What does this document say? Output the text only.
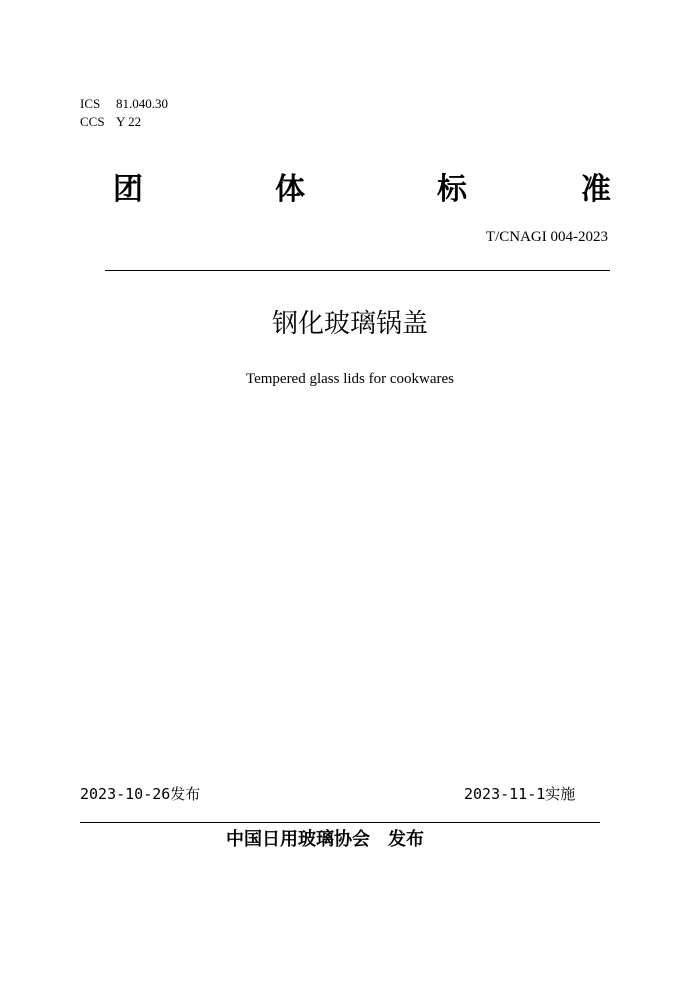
ICS 81.040.30
CCS Y 22
团	体	标	准
T/CNAGI 004-2023
钢化玻璃锅盖
Tempered glass lids for cookwares
2023-10-26发布	2023-11-1实施
中国日用玻璃协会　发布
